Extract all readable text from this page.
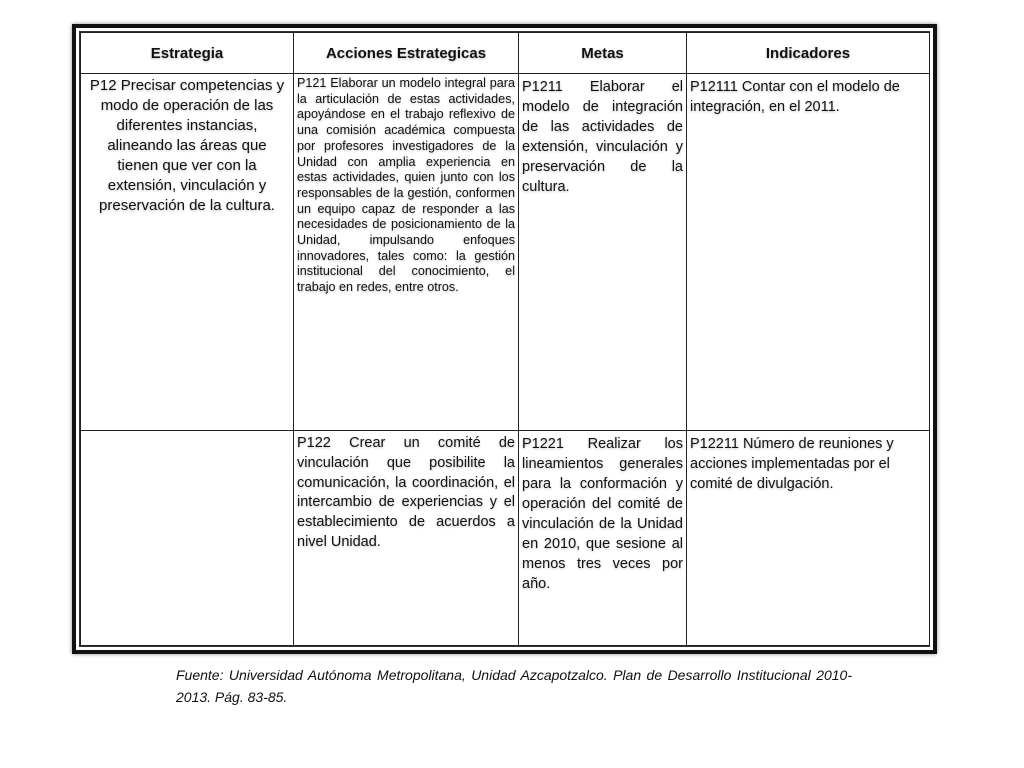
Estrategia	Acciones Estrategicas	Metas	Indicadores
P12 Precisar competencias y modo de operación de las diferentes instancias, alineando las áreas que tienen que ver con la extensión, vinculación y preservación de la cultura.	P121 Elaborar un modelo integral para la articulación de estas actividades, apoyándose en el trabajo reflexivo de una comisión académica compuesta por profesores investigadores de la Unidad con amplia experiencia en estas actividades, quien junto con los responsables de la gestión, conformen un equipo capaz de responder a las necesidades de posicionamiento de la Unidad, impulsando enfoques innovadores, tales como: la gestión institucional del conocimiento, el trabajo en redes, entre otros.	P1211 Elaborar el modelo de integración de las actividades de extensión, vinculación y preservación de la cultura.	P12111 Contar con el modelo de integración, en el 2011.
	P122 Crear un comité de vinculación que posibilite la comunicación, la coordinación, el intercambio de experiencias y el establecimiento de acuerdos a nivel Unidad.	P1221 Realizar los lineamientos generales para la conformación y operación del comité de vinculación de la Unidad en 2010, que sesione al menos tres veces por año.	P12211 Número de reuniones y acciones implementadas por el comité de divulgación.
Fuente: Universidad Autónoma Metropolitana, Unidad Azcapotzalco. Plan de Desarrollo Institucional 2010-2013. Pág. 83-85.
